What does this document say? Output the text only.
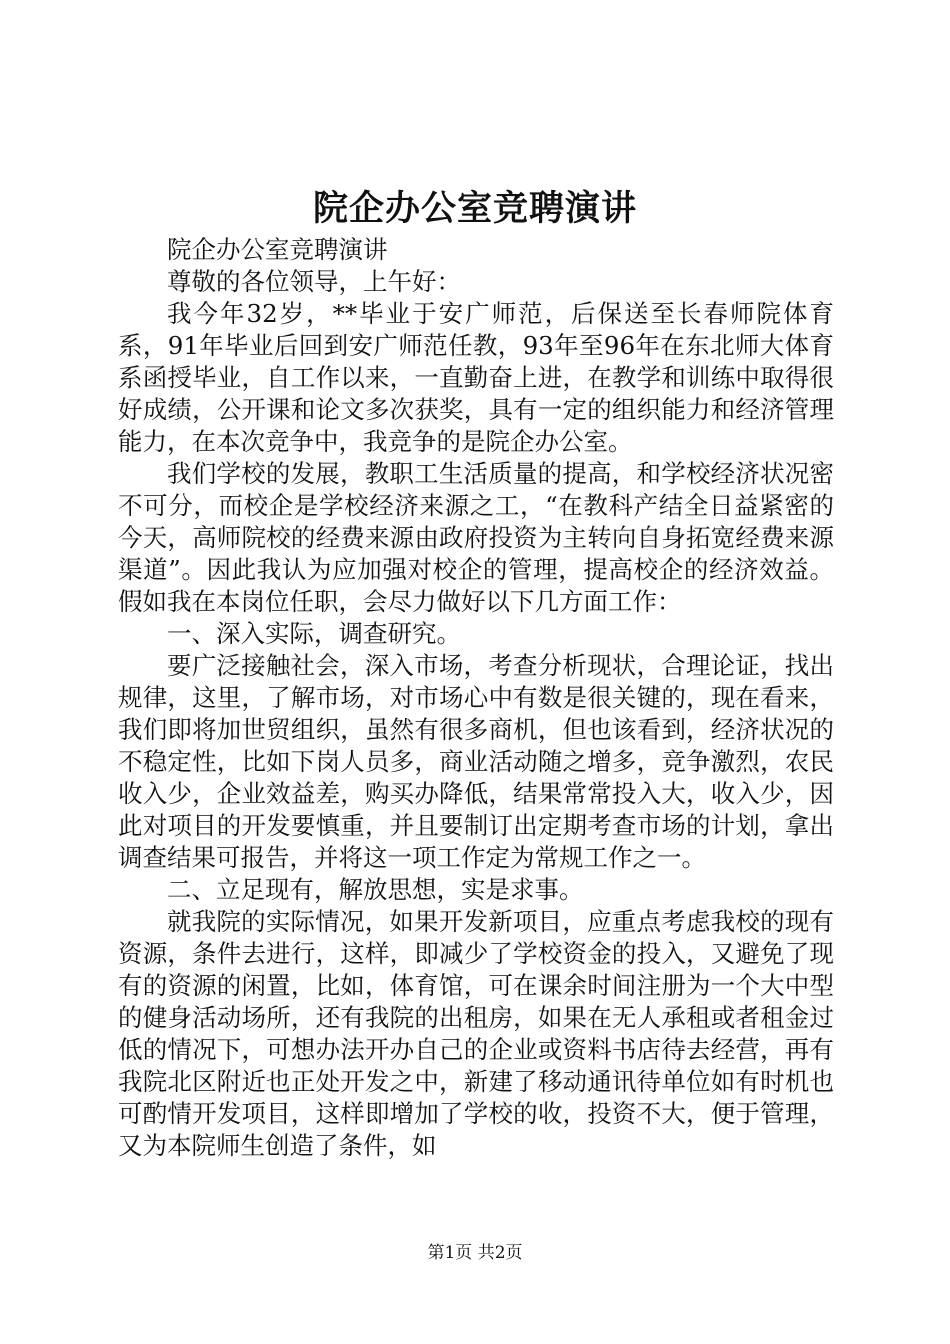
院企办公室竞聘演讲

院企办公室竞聘演讲

尊敬的各位领导，上午好：

我今年32岁，**毕业于安广师范，后保送至长春师院体育系，91年毕业后回到安广师范任教，93年至96年在东北师大体育系函授毕业，自工作以来，一直勤奋上进，在教学和训练中取得很好成绩，公开课和论文多次获奖，具有一定的组织能力和经济管理能力，在本次竞争中，我竞争的是院企办公室。

我们学校的发展，教职工生活质量的提高，和学校经济状况密不可分，而校企是学校经济来源之工，“在教科产结全日益紧密的今天，高师院校的经费来源由政府投资为主转向自身拓宽经费来源渠道”。因此我认为应加强对校企的管理，提高校企的经济效益。假如我在本岗位任职，会尽力做好以下几方面工作：

一、深入实际，调查研究。

要广泛接触社会，深入市场，考查分析现状，合理论证，找出规律，这里，了解市场，对市场心中有数是很关键的，现在看来，我们即将加世贸组织，虽然有很多商机，但也该看到，经济状况的不稳定性，比如下岗人员多，商业活动随之增多，竞争激烈，农民收入少，企业效益差，购买办降低，结果常常投入大，收入少，因此对项目的开发要慎重，并且要制订出定期考查市场的计划，拿出调查结果可报告，并将这一项工作定为常规工作之一。

二、立足现有，解放思想，实是求事。

就我院的实际情况，如果开发新项目，应重点考虑我校的现有资源，条件去进行，这样，即减少了学校资金的投入，又避免了现有的资源的闲置，比如，体育馆，可在课余时间注册为一个大中型的健身活动场所，还有我院的出租房，如果在无人承租或者租金过低的情况下，可想办法开办自己的企业或资料书店待去经营，再有我院北区附近也正处开发之中，新建了移动通讯待单位如有时机也可酌情开发项目，这样即增加了学校的收，投资不大，便于管理，又为本院师生创造了条件，如

第1页 共2页
